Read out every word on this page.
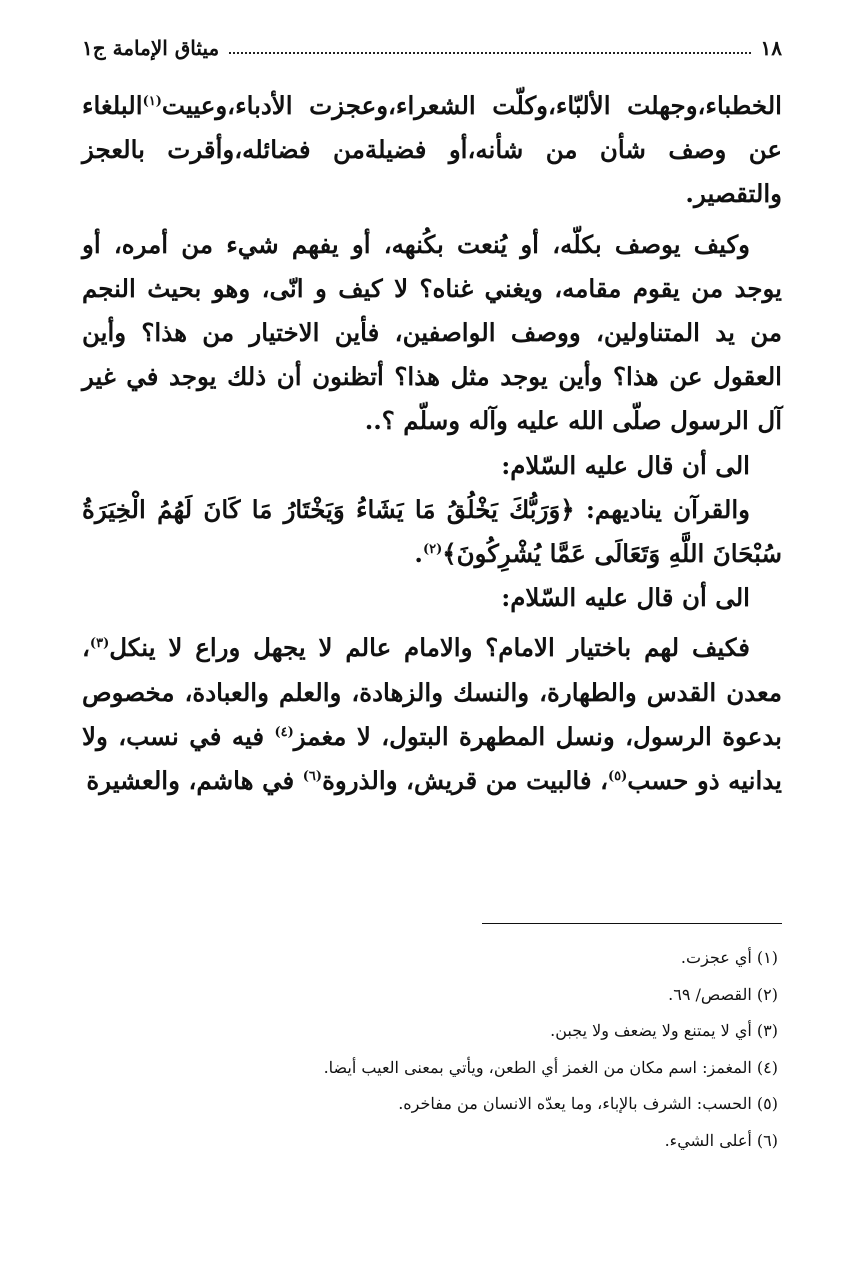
١٨
ميثاق الإمامة ج١

الخطباء،وجهلت الألبّاء،وكلّت الشعراء،وعجزت الأدباء،وعييت$^{(١)}$البلغاء عن وصف شأن من شأنه،أو فضيلةمن فضائله،وأقرت بالعجز والتقصير.

وكيف يوصف بكلّه، أو يُنعت بكُنهه، أو يفهم شيء من أمره، أو يوجد من يقوم مقامه، ويغني غناه؟ لا كيف و انّى، وهو بحيث النجم من يد المتناولين، ووصف الواصفين، فأين الاختيار من هذا؟ وأين العقول عن هذا؟ وأين يوجد مثل هذا؟ أتظنون أن ذلك يوجد في غير آل الرسول صلّى الله عليه وآله وسلّم ؟..

الى أن قال عليه السّلام:

والقرآن يناديهم: ﴿وَرَبُّكَ يَخْلُقُ مَا يَشَاءُ وَيَخْتَارُ مَا كَانَ لَهُمُ الْخِيَرَةُ سُبْحَانَ اللَّهِ وَتَعَالَى عَمَّا يُشْرِكُونَ﴾$^{(٢)}$.

الى أن قال عليه السّلام:

فكيف لهم باختيار الامام؟ والامام عالم لا يجهل وراع لا ينكل$^{(٣)}$، معدن القدس والطهارة، والنسك والزهادة، والعلم والعبادة، مخصوص بدعوة الرسول، ونسل المطهرة البتول، لا مغمز$^{(٤)}$ فيه في نسب، ولا يدانيه ذو حسب$^{(٥)}$، فالبيت من قريش، والذروة$^{(٦)}$ في هاشم، والعشيرة

(١) أي عجزت.
(٢) القصص/ ٦٩.
(٣) أي لا يمتنع ولا يضعف ولا يجبن.
(٤) المغمز: اسم مكان من الغمز أي الطعن، ويأتي بمعنى العيب أيضا.
(٥) الحسب: الشرف بالإباء، وما يعدّه الانسان من مفاخره.
(٦) أعلى الشيء.
